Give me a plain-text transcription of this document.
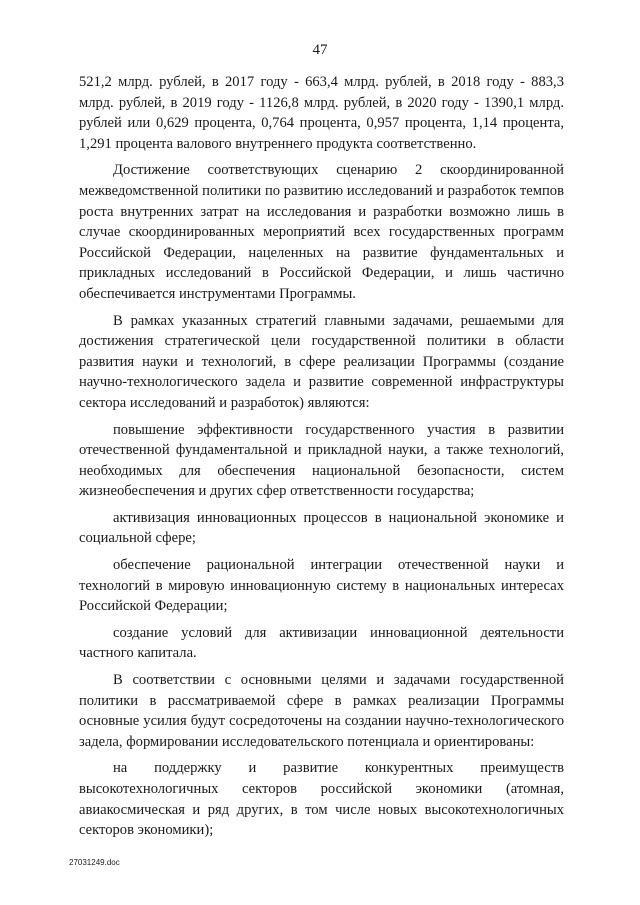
47

521,2 млрд. рублей, в 2017 году - 663,4 млрд. рублей, в 2018 году - 883,3 млрд. рублей, в 2019 году - 1126,8 млрд. рублей, в 2020 году - 1390,1 млрд. рублей или 0,629 процента, 0,764 процента, 0,957 процента, 1,14 процента, 1,291 процента валового внутреннего продукта соответственно.

Достижение соответствующих сценарию 2 скоординированной межведомственной политики по развитию исследований и разработок темпов роста внутренних затрат на исследования и разработки возможно лишь в случае скоординированных мероприятий всех государственных программ Российской Федерации, нацеленных на развитие фундаментальных и прикладных исследований в Российской Федерации, и лишь частично обеспечивается инструментами Программы.

В рамках указанных стратегий главными задачами, решаемыми для достижения стратегической цели государственной политики в области развития науки и технологий, в сфере реализации Программы (создание научно-технологического задела и развитие современной инфраструктуры сектора исследований и разработок) являются:

повышение эффективности государственного участия в развитии отечественной фундаментальной и прикладной науки, а также технологий, необходимых для обеспечения национальной безопасности, систем жизнеобеспечения и других сфер ответственности государства;

активизация инновационных процессов в национальной экономике и социальной сфере;

обеспечение рациональной интеграции отечественной науки и технологий в мировую инновационную систему в национальных интересах Российской Федерации;

создание условий для активизации инновационной деятельности частного капитала.

В соответствии с основными целями и задачами государственной политики в рассматриваемой сфере в рамках реализации Программы основные усилия будут сосредоточены на создании научно-технологического задела, формировании исследовательского потенциала и ориентированы:

на поддержку и развитие конкурентных преимуществ высокотехнологичных секторов российской экономики (атомная, авиакосмическая и ряд других, в том числе новых высокотехнологичных секторов экономики);

27031249.doc
